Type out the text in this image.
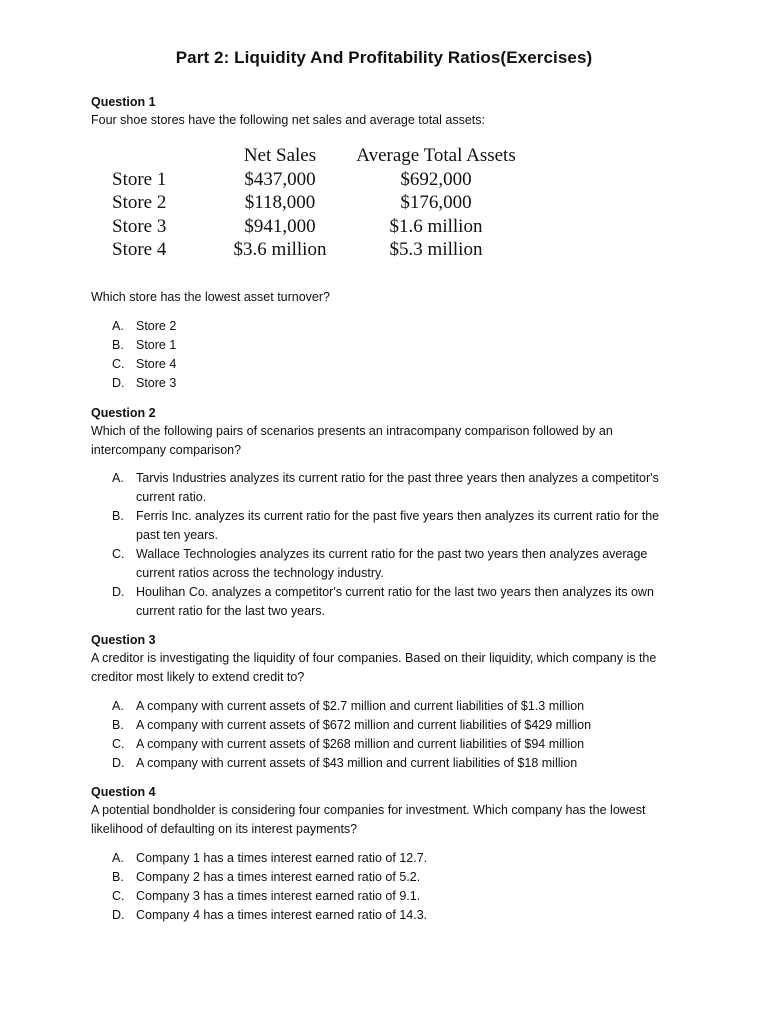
Part 2: Liquidity And Profitability Ratios(Exercises)
Question 1
Four shoe stores have the following net sales and average total assets:
	Net Sales	Average Total Assets
Store 1	$437,000	$692,000
Store 2	$118,000	$176,000
Store 3	$941,000	$1.6 million
Store 4	$3.6 million	$5.3 million
Which store has the lowest asset turnover?
A. Store 2
B. Store 1
C. Store 4
D. Store 3
Question 2
Which of the following pairs of scenarios presents an intracompany comparison followed by an intercompany comparison?
A. Tarvis Industries analyzes its current ratio for the past three years then analyzes a competitor's current ratio.
B. Ferris Inc. analyzes its current ratio for the past five years then analyzes its current ratio for the past ten years.
C. Wallace Technologies analyzes its current ratio for the past two years then analyzes average current ratios across the technology industry.
D. Houlihan Co. analyzes a competitor's current ratio for the last two years then analyzes its own current ratio for the last two years.
Question 3
A creditor is investigating the liquidity of four companies. Based on their liquidity, which company is the creditor most likely to extend credit to?
A. A company with current assets of $2.7 million and current liabilities of $1.3 million
B. A company with current assets of $672 million and current liabilities of $429 million
C. A company with current assets of $268 million and current liabilities of $94 million
D. A company with current assets of $43 million and current liabilities of $18 million
Question 4
A potential bondholder is considering four companies for investment. Which company has the lowest likelihood of defaulting on its interest payments?
A. Company 1 has a times interest earned ratio of 12.7.
B. Company 2 has a times interest earned ratio of 5.2.
C. Company 3 has a times interest earned ratio of 9.1.
D. Company 4 has a times interest earned ratio of 14.3.
